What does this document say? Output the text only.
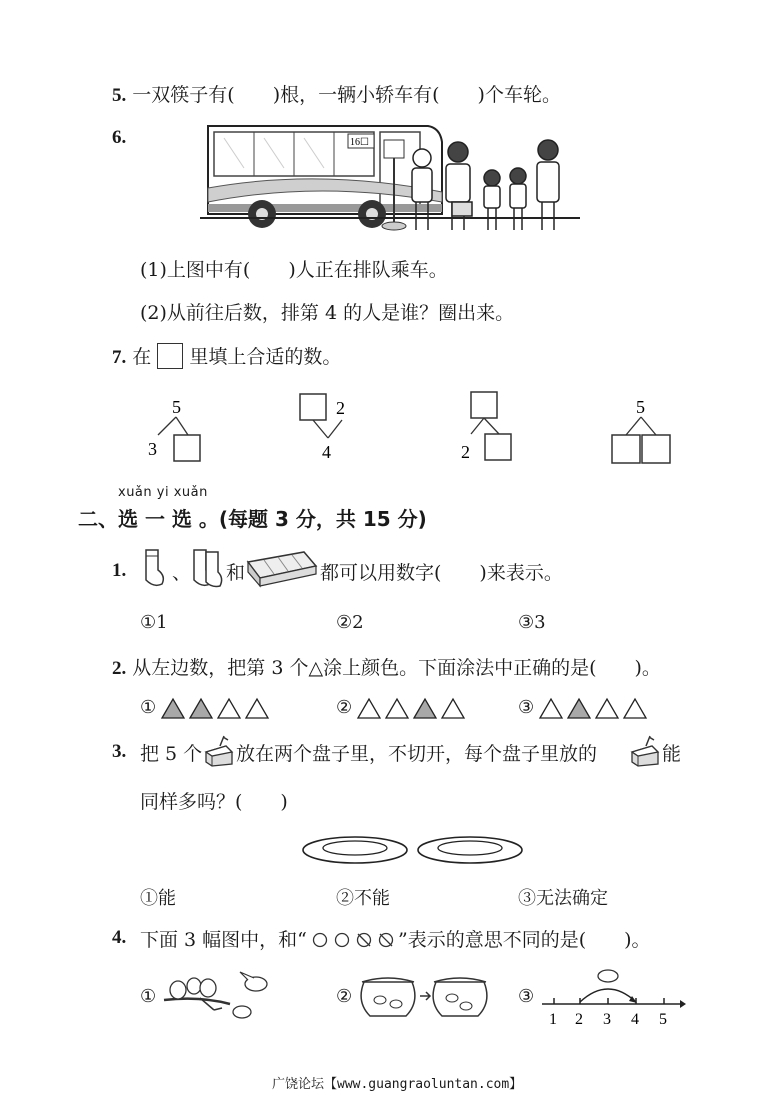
5. 一双筷子有(　　)根，一辆小轿车有(　　)个车轮。
6.	16☐
(1)上图中有(　　)人正在排队乘车。
(2)从前往后数，排第 4 的人是谁？圈出来。
7. 在 里填上合适的数。
5
3
2
4	2
5
xuǎn yi xuǎn
二、选 一 选 。(每题 3 分，共 15 分)
1. 、 和	都可以用数字(　　)来表示。
①1	②2	③3
2. 从左边数，把第 3 个△涂上颜色。下面涂法中正确的是(　　)。
①	②	③
3. 把 5 个 放在两个盘子里，不切开，每个盘子里放的	能
同样多吗？(　　)
①能	②不能	③无法确定
4. 下面 3 幅图中，和“	”表示的意思不同的是(　　)。
①	②	③
1 2 3 4 5
广饶论坛【www.guangraoluntan.com】
